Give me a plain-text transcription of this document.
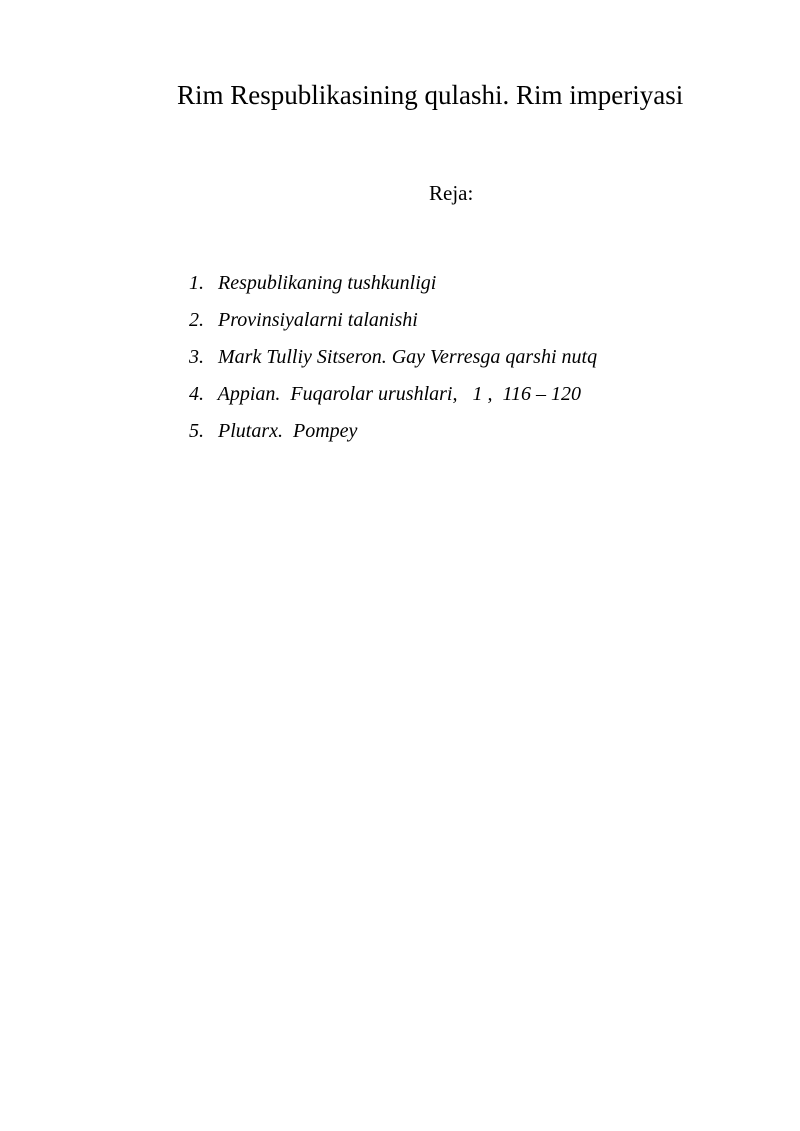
Rim Respublikasining qulashi. Rim imperiyasi
Reja:
1. Respublikaning tushkunligi
2. Provinsiyalarni talanishi
3. Mark Tulliy Sitseron. Gay Verresga qarshi nutq
4. Appian.  Fuqarolar urushlari,   1 ,  116 – 120
5. Plutarx.  Pompey
